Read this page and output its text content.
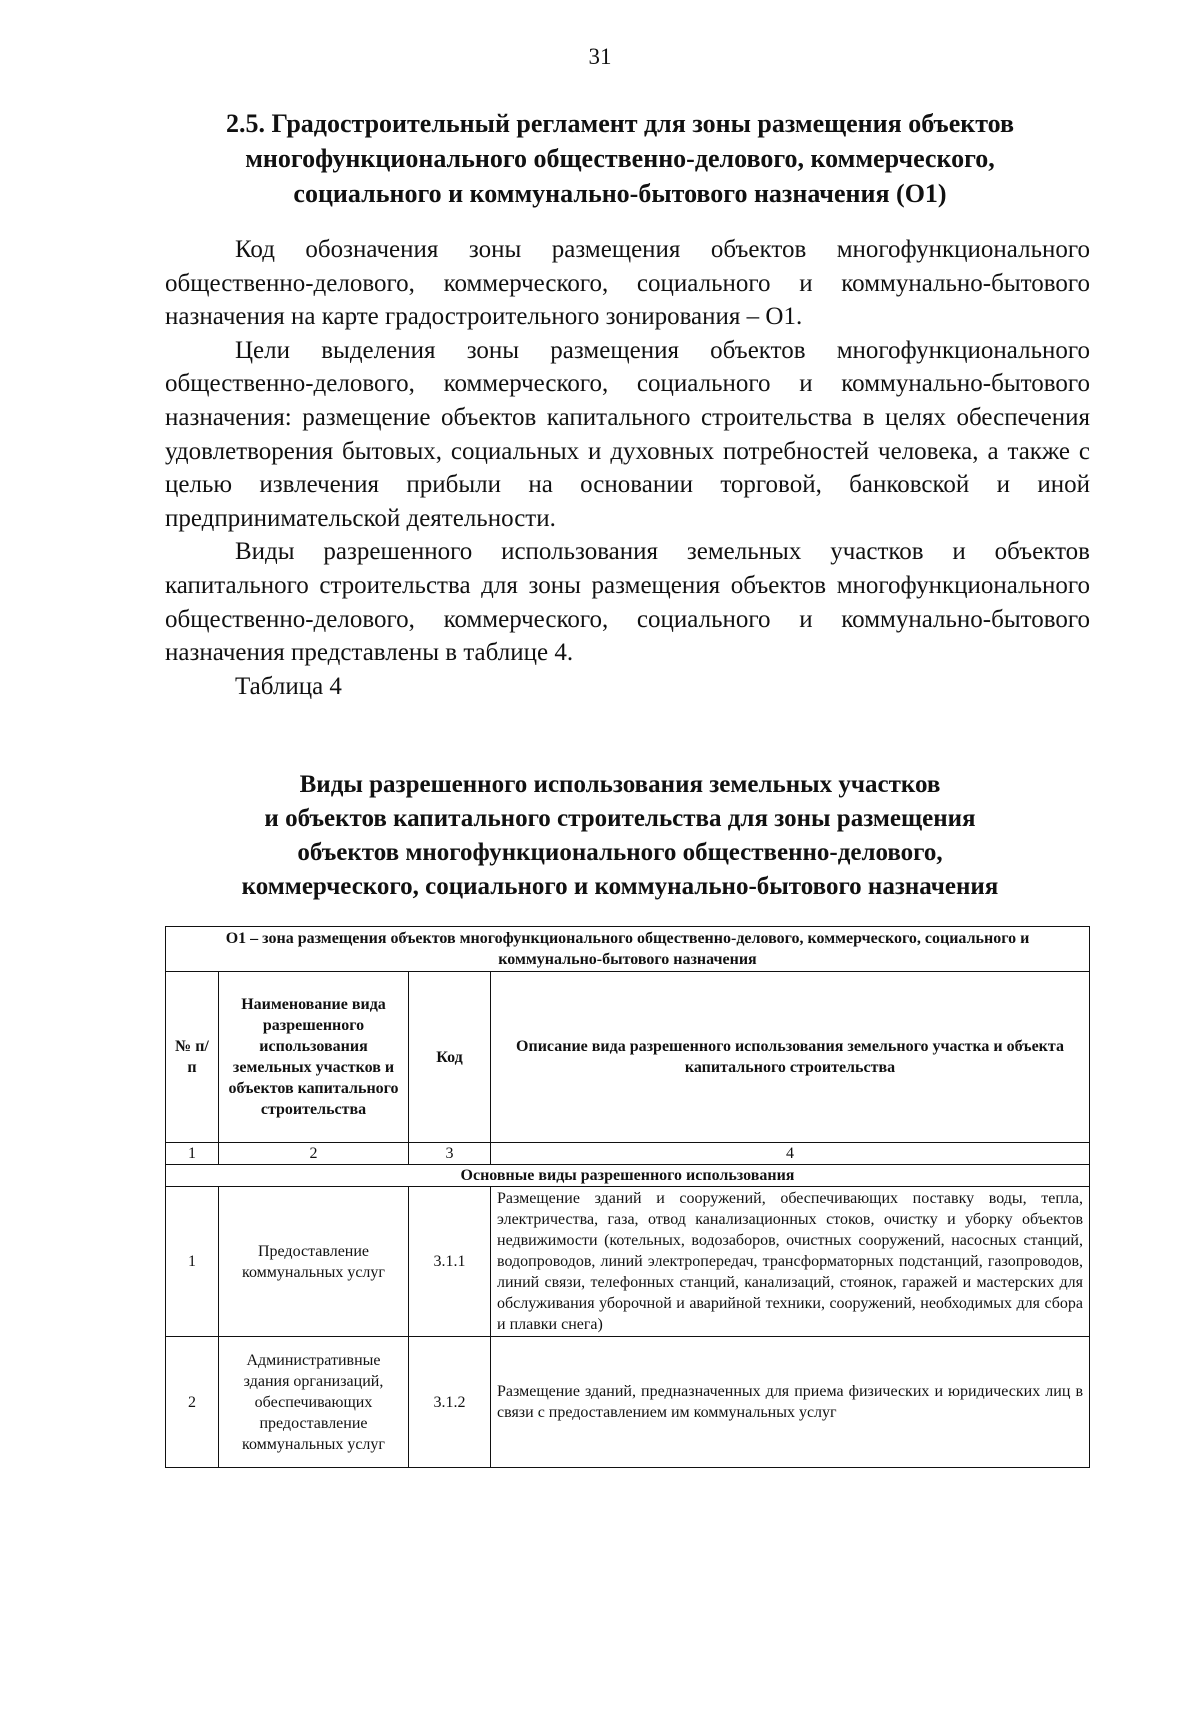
31
2.5. Градостроительный регламент для зоны размещения объектов
многофункционального общественно-делового, коммерческого,
социального и коммунально-бытового назначения (О1)

Код обозначения зоны размещения объектов многофункционального общественно-делового, коммерческого, социального и коммунально-бытового назначения на карте градостроительного зонирования – О1.

Цели выделения зоны размещения объектов многофункционального общественно-делового, коммерческого, социального и коммунально-бытового назначения: размещение объектов капитального строительства в целях обеспечения удовлетворения бытовых, социальных и духовных потребностей человека, а также с целью извлечения прибыли на основании торговой, банковской и иной предпринимательской деятельности.

Виды разрешенного использования земельных участков и объектов капитального строительства для зоны размещения объектов многофункционального общественно-делового, коммерческого, социального и коммунально-бытового назначения представлены в таблице 4.

Таблица 4

Виды разрешенного использования земельных участков
и объектов капитального строительства для зоны размещения
объектов многофункционального общественно-делового,
коммерческого, социального и коммунально-бытового назначения
О1 – зона размещения объектов многофункционального общественно-делового, коммерческого, социального и коммунально-бытового назначения			
№ п/п	Наименование вида разрешенного использования земельных участков и объектов капитального строительства	Код	Описание вида разрешенного использования земельного участка и объекта капитального строительства
1	2	3	4
Основные виды разрешенного использования			
1	Предоставление коммунальных услуг	3.1.1	Размещение зданий и сооружений, обеспечивающих поставку воды, тепла, электричества, газа, отвод канализационных стоков, очистку и уборку объектов недвижимости (котельных, водозаборов, очистных сооружений, насосных станций, водопроводов, линий электропередач, трансформаторных подстанций, газопроводов, линий связи, телефонных станций, канализаций, стоянок, гаражей и мастерских для обслуживания уборочной и аварийной техники, сооружений, необходимых для сбора и плавки снега)
2	Административные здания организаций, обеспечивающих предоставление коммунальных услуг	3.1.2	Размещение зданий, предназначенных для приема физических и юридических лиц в связи с предоставлением им коммунальных услуг
